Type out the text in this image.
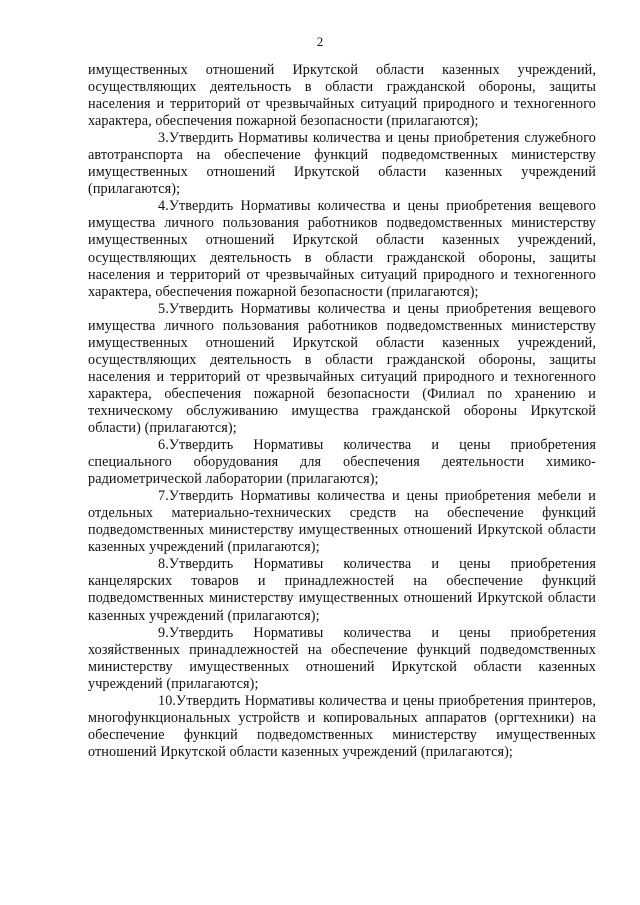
2

имущественных отношений Иркутской области казенных учреждений, осуществляющих деятельность в области гражданской обороны, защиты населения и территорий от чрезвычайных ситуаций природного и техногенного характера, обеспечения пожарной безопасности (прилагаются);

3.Утвердить Нормативы количества и цены приобретения служебного автотранспорта на обеспечение функций подведомственных министерству имущественных отношений Иркутской области казенных учреждений (прилагаются);

4.Утвердить Нормативы количества и цены приобретения вещевого имущества личного пользования работников подведомственных министерству имущественных отношений Иркутской области казенных учреждений, осуществляющих деятельность в области гражданской обороны, защиты населения и территорий от чрезвычайных ситуаций природного и техногенного характера, обеспечения пожарной безопасности (прилагаются);

5.Утвердить Нормативы количества и цены приобретения вещевого имущества личного пользования работников подведомственных министерству имущественных отношений Иркутской области казенных учреждений, осуществляющих деятельность в области гражданской обороны, защиты населения и территорий от чрезвычайных ситуаций природного и техногенного характера, обеспечения пожарной безопасности (Филиал по хранению и техническому обслуживанию имущества гражданской обороны Иркутской области) (прилагаются);

6.Утвердить Нормативы количества и цены приобретения специального оборудования для обеспечения деятельности химико-радиометрической лаборатории (прилагаются);

7.Утвердить Нормативы количества и цены приобретения мебели и отдельных материально-технических средств на обеспечение функций подведомственных министерству имущественных отношений Иркутской области казенных учреждений (прилагаются);

8.Утвердить Нормативы количества и цены приобретения канцелярских товаров и принадлежностей на обеспечение функций подведомственных министерству имущественных отношений Иркутской области казенных учреждений (прилагаются);

9.Утвердить Нормативы количества и цены приобретения хозяйственных принадлежностей на обеспечение функций подведомственных министерству имущественных отношений Иркутской области казенных учреждений (прилагаются);

10.Утвердить Нормативы количества и цены приобретения принтеров, многофункциональных устройств и копировальных аппаратов (оргтехники) на обеспечение функций подведомственных министерству имущественных отношений Иркутской области казенных учреждений (прилагаются);
